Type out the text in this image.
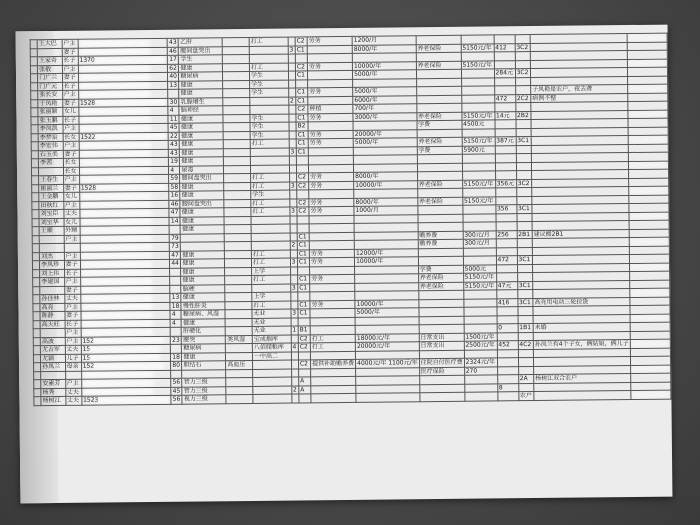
	王大巴	户主		43	乙肝		打工		C2	劳务	1200/月						
		妻子		46	腰间盘突出			3	C1		8000/年	养老保险	5150元/年	412	3C2		
	王家奇	长子	1370	17	学生												
	张敬	户主		62	健康		打工		C2	劳务	10000/年	养老保险	5150元/年				
	门广兰	妻子		40	糖尿病		学生		C1		5000/年			284元	3C2		
	门广元	长子		13	健康		学生										
	张长安	户主			健康		学生		C1	劳务	5000/年					子凤艳是农户，夜去聋	
	于凤艳	妻子	1528	30	乳腺增生			2	C1		6000/年			472	2C2	病例不整	
	张丽颖	女儿		4	脑神经				C2	种植	700/年						
	张玉鹏	长子		11	健康		学生		C1	劳务	3000/年	养老保险	5150元/年	14元	2B2		
	李凤凯	户主		45	健康		学生		B2			学费	4500元				
	李梦宸	长女	1522	22	健康		学生		C1	劳务	20000/年						
	李宏伟	户主		43	健康		打工		C1	劳务	5000/年	养老保险	5150元/年	387元	3C1		
	石玉美	妻子		43	健康			3	C1			学费	5900元				
	李茜	长女		19	健康												
		长女		4	尿毒												
	王春生	户主		59	腰间盘突出		打工		C2	劳务	8000/年						
	崔淑兰	妻子	1528	58	健康		打工	3	C2	劳务	10000/年	养老保险	5150元/年	356元	3C2		
	王金鹏	女儿		16	健康		学生										
	田秋红	户主		46	腰间盘突出		打工		C2	劳务	8000/年	养老保险	5150元/年				
	刘宝臣	丈夫		47	健康		打工	3	C2	劳务	1000/月			356	3C1		
	刘宝华	女儿		14	健康												
	王顺	外甥			健康												
		户主		79					C1			赡养费	300元/月	256	2B1	建议搬2B1	
				73				2	C1			赡养费	300元/月				
	刘杰	户主		47	健康		打工		C1	劳务	12000/年						
	李凤珍	妻子		44	健康		打工	3	C1	劳务	10000/年			472	3C1		
	刘上伟	长子			健康		上学					学费	5000元				
	李建国	户主			健康		打工		C1	劳务		养老保险	5150元/年				
		妻子			脑梗			3	C1			养老保险	5150元/年	47元	3C1		
	孙佳林	丈夫		13	健康		上学										
	高亮	户主		18	慢性肝炎		打工		C1	劳务	10000/年			416	3C1	高亮用电动三轮拉货	
	陈静	妻子		4	糖尿病、风湿		无业	3	C1		5000/年						
	高天旺	长子		4	健康		无业										
		户主			肝硬化		无业	1	B1					0	1B1	未婚	
	高波	户主	152	23	腰突	类风湿	宝成烟库		C2	打工	18000元/年	日常支出	1500元/年				
	尤占军	丈夫	15		糖尿病		八佰爬粮库	4	C2	打工	20000元/年	日常支出	2500元/年	452	4C2	孙凤兰有4个子女，俩姑娘，俩儿子	
	尤颖	儿子	15	18	健康		一中高二										
	孙凤兰	母亲	152	80	胆结石	高血压			C2	提供补助赡养费	4000元/年 1100元/年	住院自付医疗费	2324元/年				
												医疗保险	270				
	安素芳	户主		56	智力三级				A						2A	杨树江双合农户	
	杨秀	丈夫		45	智力三级			2	A					8			
	杨树江	丈夫	1523	56	视力三级										农户		
